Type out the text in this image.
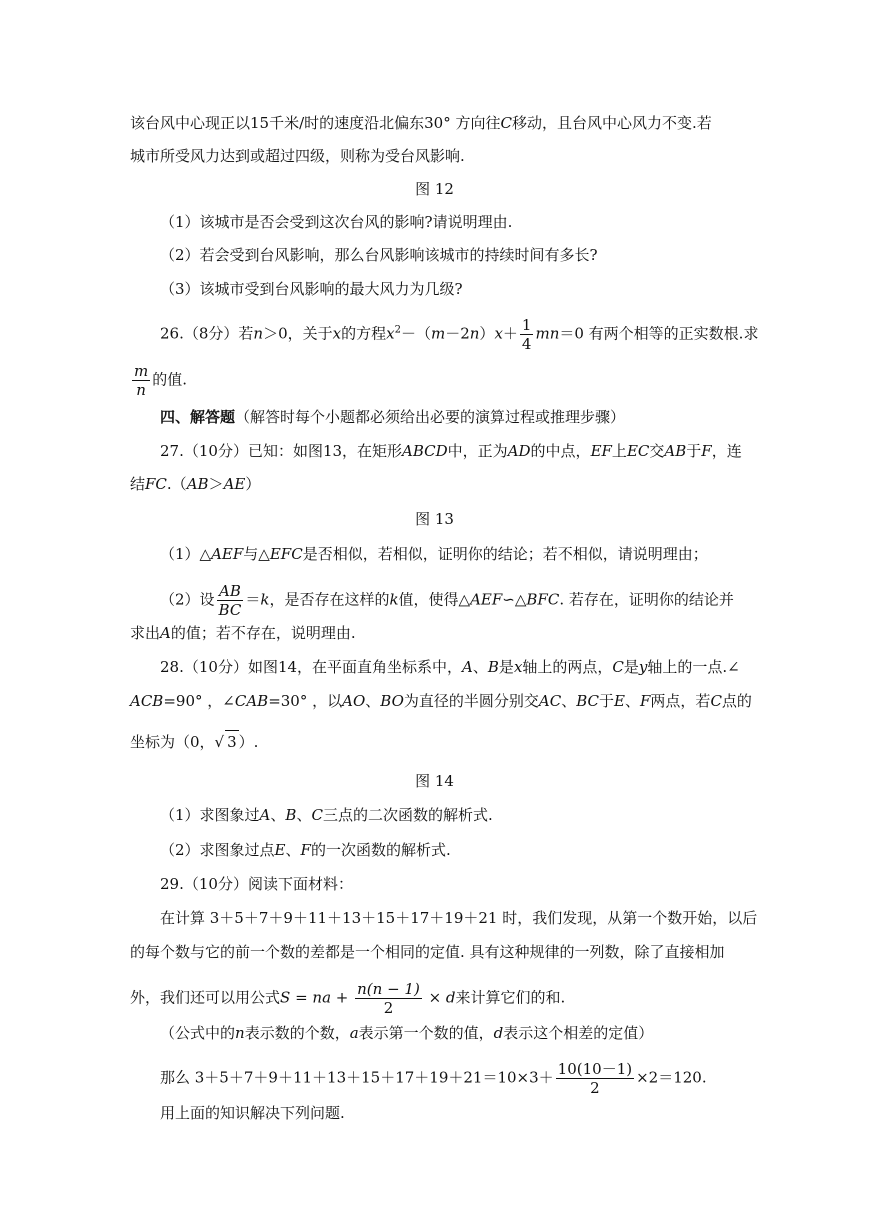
该台风中心现正以15千米/时的速度沿北偏东30° 方向往C移动，且台风中心风力不变.若
城市所受风力达到或超过四级，则称为受台风影响.
图 12
（1）该城市是否会受到这次台风的影响?请说明理由.
（2）若会受到台风影响，那么台风影响该城市的持续时间有多长?
（3）该城市受到台风影响的最大风力为几级?
26.（8分）若n＞0，关于x的方程$x^2-(m-2n)x+ \frac{1}{4} mn=0$ 有两个相等的正实数根.求
$\frac{m}{n}$ 的值.
四、解答题（解答时每个小题都必须给出必要的演算过程或推理步骤）
27.（10分）已知：如图13，在矩形ABCD中，正为AD的中点，EF上EC交AB于F，连
结FC.（AB＞AE）
图 13
（1）△AEF与△EFC是否相似，若相似，证明你的结论；若不相似，请说明理由；
（2）设 $\frac{AB}{BC} =k$，是否存在这样的k值，使得△AEF∽△BFC. 若存在，证明你的结论并
求出A的值；若不存在，说明理由.
28.（10分）如图14，在平面直角坐标系中，A、B是x轴上的两点，C是y轴上的一点.∠
ACB=90° ，∠CAB=30° ，以AO、BO为直径的半圆分别交AC、BC于E、F两点，若C点的
坐标为（0，√ 3 ）.
图 14
（1）求图象过A、B、C三点的二次函数的解析式.
（2）求图象过点E、F的一次函数的解析式.
29.（10分）阅读下面材料：
在计算 3＋5＋7＋9＋11＋13＋15＋17＋19＋21 时，我们发现，从第一个数开始，以后
的每个数与它的前一个数的差都是一个相同的定值. 具有这种规律的一列数，除了直接相加
外，我们还可以用公式S = na + $\frac{n(n - 1)}{2} \times d$来计算它们的和.
（公式中的n表示数的个数，a表示第一个数的值，d表示这个相差的定值）
那么 $3+5+7+9+11+13+15+17+19+21=10\times 3+ \frac{10(10-1)}{2} \times 2=120$.
用上面的知识解决下列问题.
